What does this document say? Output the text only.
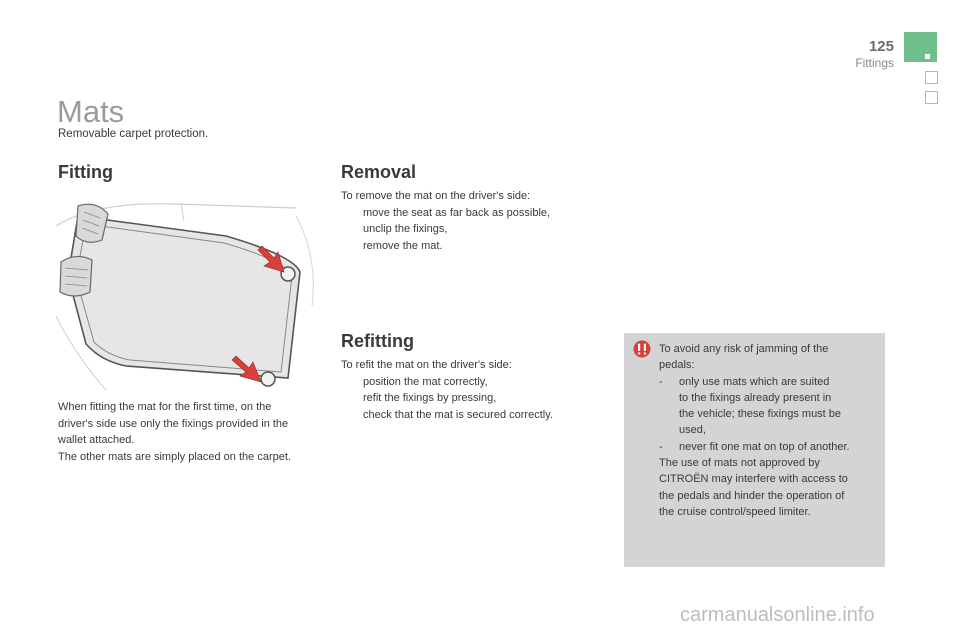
125
Fittings
Mats
Removable carpet protection.
Fitting

When fitting the mat for the first time, on the

driver's side use only the fixings provided in the

wallet attached.

The other mats are simply placed on the carpet.

Removal

To remove the mat on the driver's side:

move the seat as far back as possible,
unclip the fixings,
remove the mat.
Refitting

To refit the mat on the driver's side:

position the mat correctly,
refit the fixings by pressing,
check that the mat is secured correctly.

To avoid any risk of jamming of the

pedals:

- only use mats which are suited

to the fixings already present in

the vehicle; these fixings must be

used,

- never fit one mat on top of another.

The use of mats not approved by

CITROËN may interfere with access to

the pedals and hinder the operation of

the cruise control/speed limiter.

carmanualsonline.info
